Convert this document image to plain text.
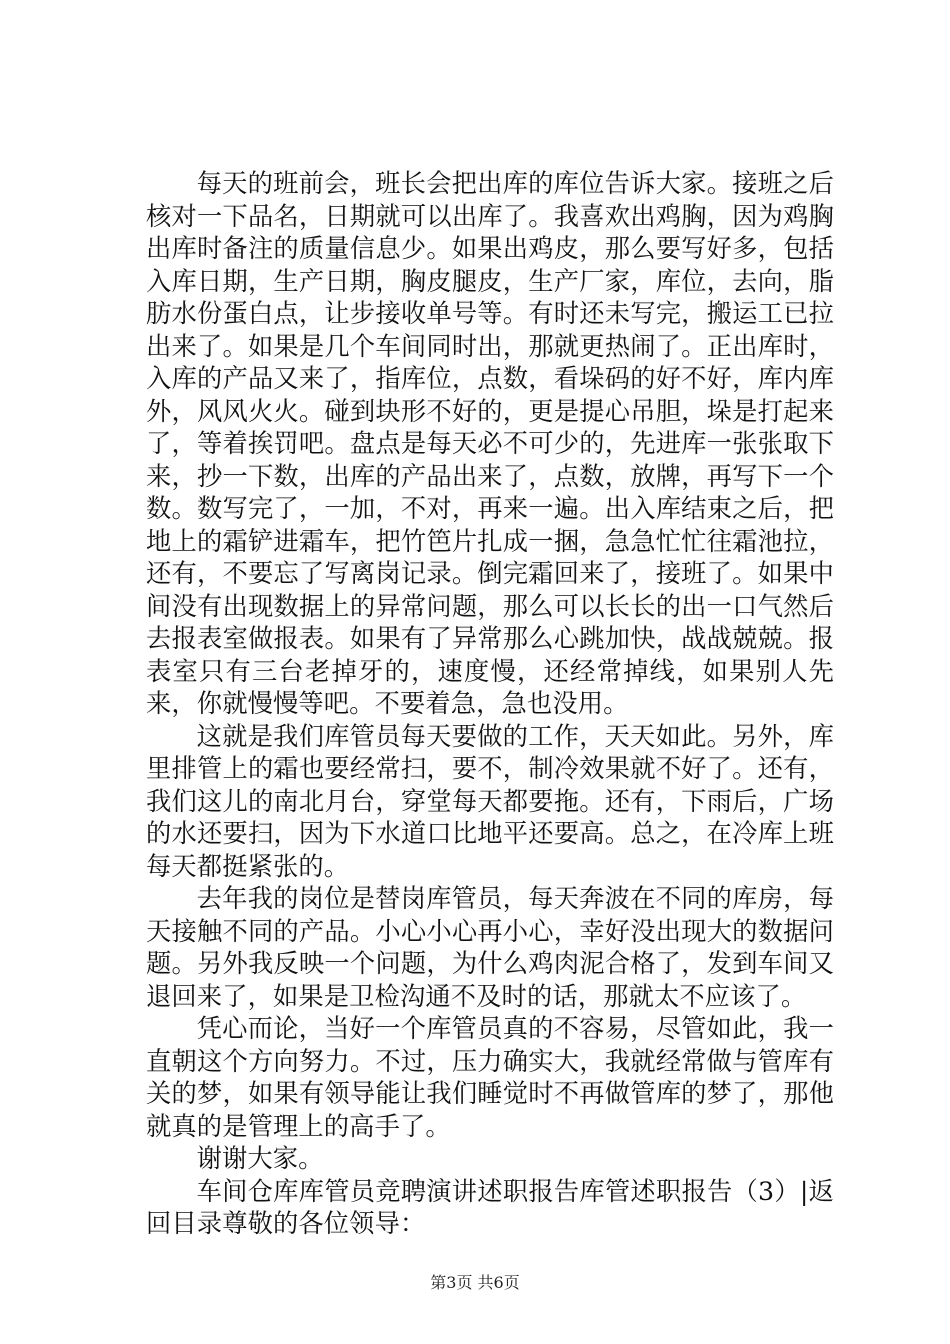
每天的班前会，班长会把出库的库位告诉大家。接班之后核对一下品名，日期就可以出库了。我喜欢出鸡胸，因为鸡胸出库时备注的质量信息少。如果出鸡皮，那么要写好多，包括入库日期，生产日期，胸皮腿皮，生产厂家，库位，去向，脂肪水份蛋白点，让步接收单号等。有时还未写完，搬运工已拉出来了。如果是几个车间同时出，那就更热闹了。正出库时，入库的产品又来了，指库位，点数，看垛码的好不好，库内库外，风风火火。碰到块形不好的，更是提心吊胆，垛是打起来了，等着挨罚吧。盘点是每天必不可少的，先进库一张张取下来，抄一下数，出库的产品出来了，点数，放牌，再写下一个数。数写完了，一加，不对，再来一遍。出入库结束之后，把地上的霜铲进霜车，把竹笆片扎成一捆，急急忙忙往霜池拉，还有，不要忘了写离岗记录。倒完霜回来了，接班了。如果中间没有出现数据上的异常问题，那么可以长长的出一口气然后去报表室做报表。如果有了异常那么心跳加快，战战兢兢。报表室只有三台老掉牙的，速度慢，还经常掉线，如果别人先来，你就慢慢等吧。不要着急，急也没用。

这就是我们库管员每天要做的工作，天天如此。另外，库里排管上的霜也要经常扫，要不，制冷效果就不好了。还有，我们这儿的南北月台，穿堂每天都要拖。还有，下雨后，广场的水还要扫，因为下水道口比地平还要高。总之，在冷库上班每天都挺紧张的。

去年我的岗位是替岗库管员，每天奔波在不同的库房，每天接触不同的产品。小心小心再小心，幸好没出现大的数据问题。另外我反映一个问题，为什么鸡肉泥合格了，发到车间又退回来了，如果是卫检沟通不及时的话，那就太不应该了。

凭心而论，当好一个库管员真的不容易，尽管如此，我一直朝这个方向努力。不过，压力确实大，我就经常做与管库有关的梦，如果有领导能让我们睡觉时不再做管库的梦了，那他就真的是管理上的高手了。

谢谢大家。

车间仓库库管员竞聘演讲述职报告库管述职报告（3）|返回目录尊敬的各位领导：

第3页 共6页
